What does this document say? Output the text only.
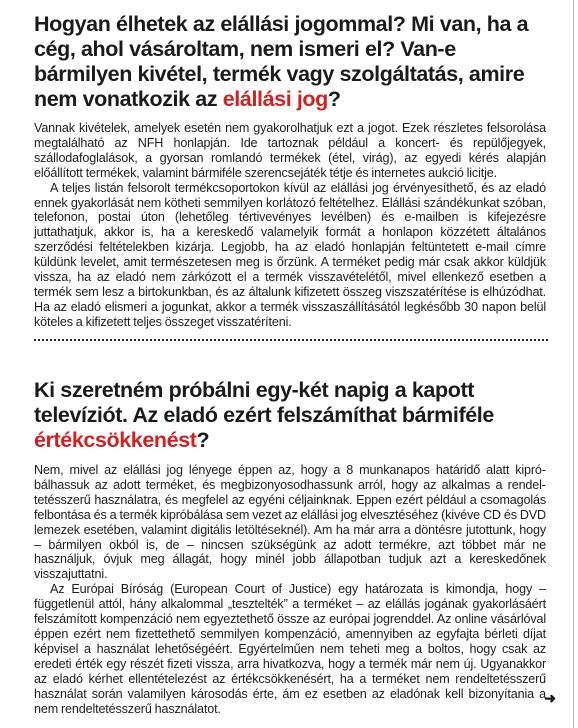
Hogyan élhetek az elállási jogommal? Mi van, ha a cég, ahol vásároltam, nem ismeri el? Van-e bármilyen kivétel, termék vagy szolgáltatás, amire nem vonatkozik az elállási jog?

Vannak kivételek, amelyek esetén nem gyakorolhatjuk ezt a jogot. Ezek részletes felsorolása megtalálható az NFH honlapján. Ide tartoznak például a koncert- és repülőjegyek, szállodafoglalások, a gyorsan romlandó termékek (étel, virág), az egyedi kérés alapján előállított termékek, valamint bármiféle szerencsejáték tétje és internetes aukció licitje.

A teljes listán felsorolt termékcsoportokon kívül az elállási jog érvényesíthető, és az eladó ennek gyakorlását nem kötheti semmilyen korlátozó feltételhez. Elállási szándékunkat szóban, telefonon, postai úton (lehetőleg tértivevényes levélben) és e-mailben is kifejezésre juttathatjuk, akkor is, ha a kereskedő valamelyik formát a honlapon közzétett általános szerződési feltételekben kizárja. Legjobb, ha az eladó honlapján feltüntetett e-mail címre küldünk levelet, amit természetesen meg is őrzünk. A terméket pedig már csak akkor küldjük vissza, ha az eladó nem zárkózott el a termék visszavételétől, mivel ellenkező esetben a termék sem lesz a birtokunkban, és az általunk kifizetett összeg viszszatérítése is elhúzódhat. Ha az eladó elismeri a jogunkat, akkor a termék visszaszállításától legkésőbb 30 napon belül köteles a kifizetett teljes összeget visszatéríteni.

Ki szeretném próbálni egy-két napig a kapott televíziót. Az eladó ezért felszámíthat bármiféle értékcsökkenést?

Nem, mivel az elállási jog lényege éppen az, hogy a 8 munkanapos határidő alatt kipróbálhassuk az adott terméket, és megbizonyosodhassunk arról, hogy az alkalmas a rendeltetésszerű használatra, és megfelel az egyéni céljainknak. Eppen ezért például a csomagolás felbontása és a termék kipróbálása sem vezet az elállási jog elvesztéséhez (kivéve CD és DVD lemezek esetében, valamint digitális letöltéseknél). Am ha már arra a döntésre jutottunk, hogy – bármilyen okból is, de – nincsen szükségünk az adott termékre, azt többet már ne használjuk, óvjuk meg állagát, hogy minél jobb állapotban tudjuk azt a kereskedőnek visszajuttatni.

Az Európai Bíróság (European Court of Justice) egy határozata is kimondja, hogy – függetlenül attól, hány alkalommal „tesztelték” a terméket – az elállás jogának gyakorlásáért felszámított kompenzáció nem egyeztethető össze az európai jogrenddel. Az online vásárlóval éppen ezért nem fizettethető semmilyen kompenzáció, amennyiben az egyfajta bérleti díjat képvisel a használat lehetőségéért. Egyértelműen nem teheti meg a boltos, hogy csak az eredeti érték egy részét fizeti vissza, arra hivatkozva, hogy a termék már nem új. Ugyanakkor az eladó kérhet ellentételezést az értékcsökkenésért, ha a terméket nem rendeltetésszerű használat során valamilyen károsodás érte, ám ez esetben az eladónak kell bizonyítania a nem rendeltetésszerű használatot.

➜
